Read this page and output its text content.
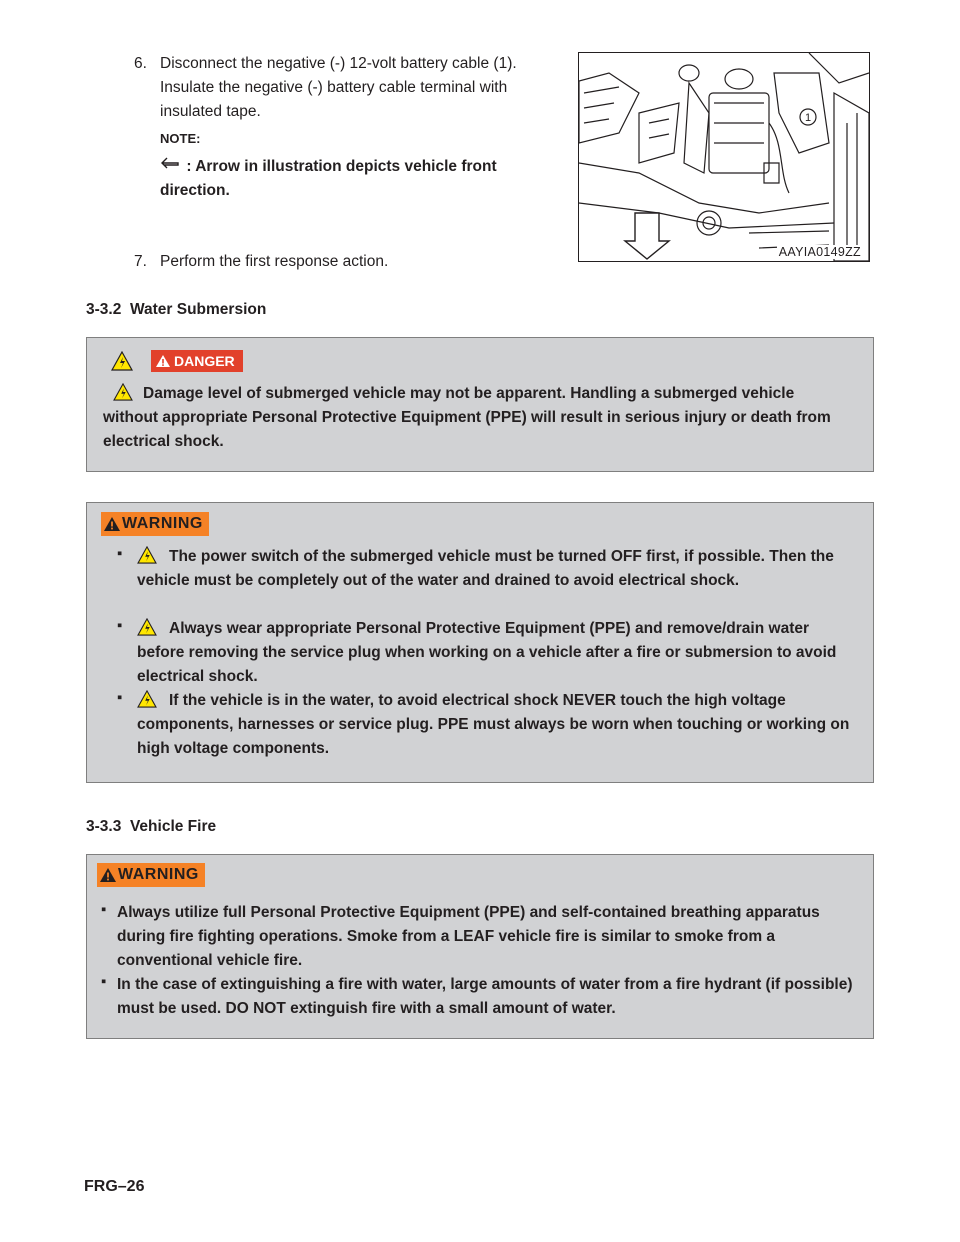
6. Disconnect the negative (-) 12-volt battery cable (1). Insulate the negative (-) battery cable terminal with insulated tape.
NOTE:
: Arrow in illustration depicts vehicle front direction.
7. Perform the first response action.
1
AAYIA0149ZZ
3-3.2  Water Submersion
DANGER
Damage level of submerged vehicle may not be apparent. Handling a submerged vehicle without appropriate Personal Protective Equipment (PPE) will result in serious injury or death from electrical shock.
WARNING
▪	The power switch of the submerged vehicle must be turned OFF first, if possible. Then the vehicle must be completely out of the water and drained to avoid electrical shock.
▪	Always wear appropriate Personal Protective Equipment (PPE) and remove/drain water before removing the service plug when working on a vehicle after a fire or submersion to avoid electrical shock.
▪	If the vehicle is in the water, to avoid electrical shock NEVER touch the high voltage components, harnesses or service plug. PPE must always be worn when touching or working on high voltage components.
3-3.3  Vehicle Fire
WARNING
▪ Always utilize full Personal Protective Equipment (PPE) and self-contained breathing apparatus during fire fighting operations. Smoke from a LEAF vehicle fire is similar to smoke from a conventional vehicle fire.
▪ In the case of extinguishing a fire with water, large amounts of water from a fire hydrant (if possible) must be used. DO NOT extinguish fire with a small amount of water.
FRG–26
